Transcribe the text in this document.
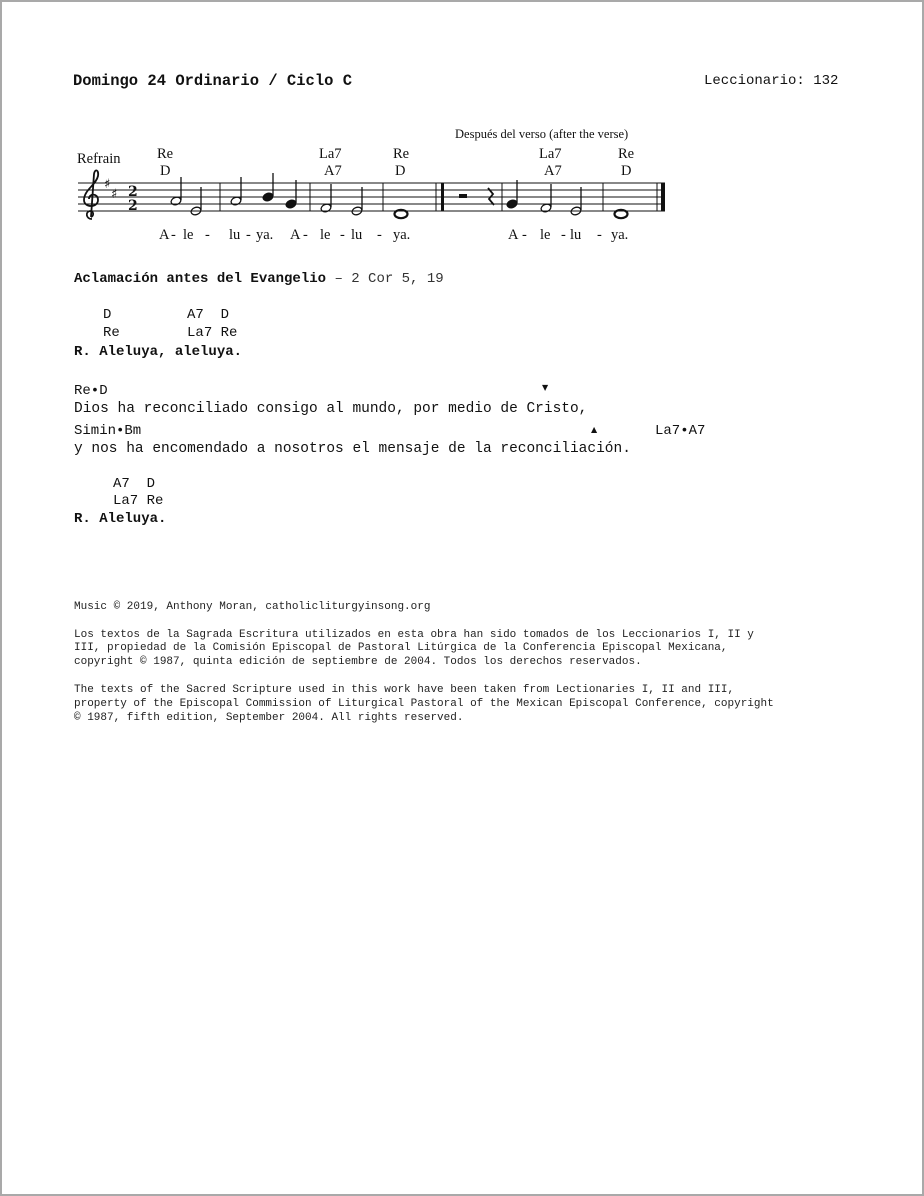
Domingo 24 Ordinario / Ciclo C	Leccionario: 132
Refrain
Después del verso (after the verse)
Re
D
La7
A7
Re
D
La7
A7
Re
D
♯
♯ 2
2
A - le - lu - ya. A - le - lu - ya.	A - le - lu - ya.
Aclamación antes del Evangelio – 2 Cor 5, 19
D         A7  D
Re        La7 Re
R. Aleluya, aleluya.
Re•D	▼
Dios ha reconciliado consigo al mundo, por medio de Cristo,
Simin•Bm	▲	La7•A7
y nos ha encomendado a nosotros el mensaje de la reconciliación.
A7  D
La7 Re
R. Aleluya.
Music © 2019, Anthony Moran, catholicliturgyinsong.org
Los textos de la Sagrada Escritura utilizados en esta obra han sido tomados de los Leccionarios I, II y
III, propiedad de la Comisión Episcopal de Pastoral Litúrgica de la Conferencia Episcopal Mexicana,
copyright © 1987, quinta edición de septiembre de 2004. Todos los derechos reservados.
The texts of the Sacred Scripture used in this work have been taken from Lectionaries I, II and III,
property of the Episcopal Commission of Liturgical Pastoral of the Mexican Episcopal Conference, copyright
© 1987, fifth edition, September 2004. All rights reserved.
